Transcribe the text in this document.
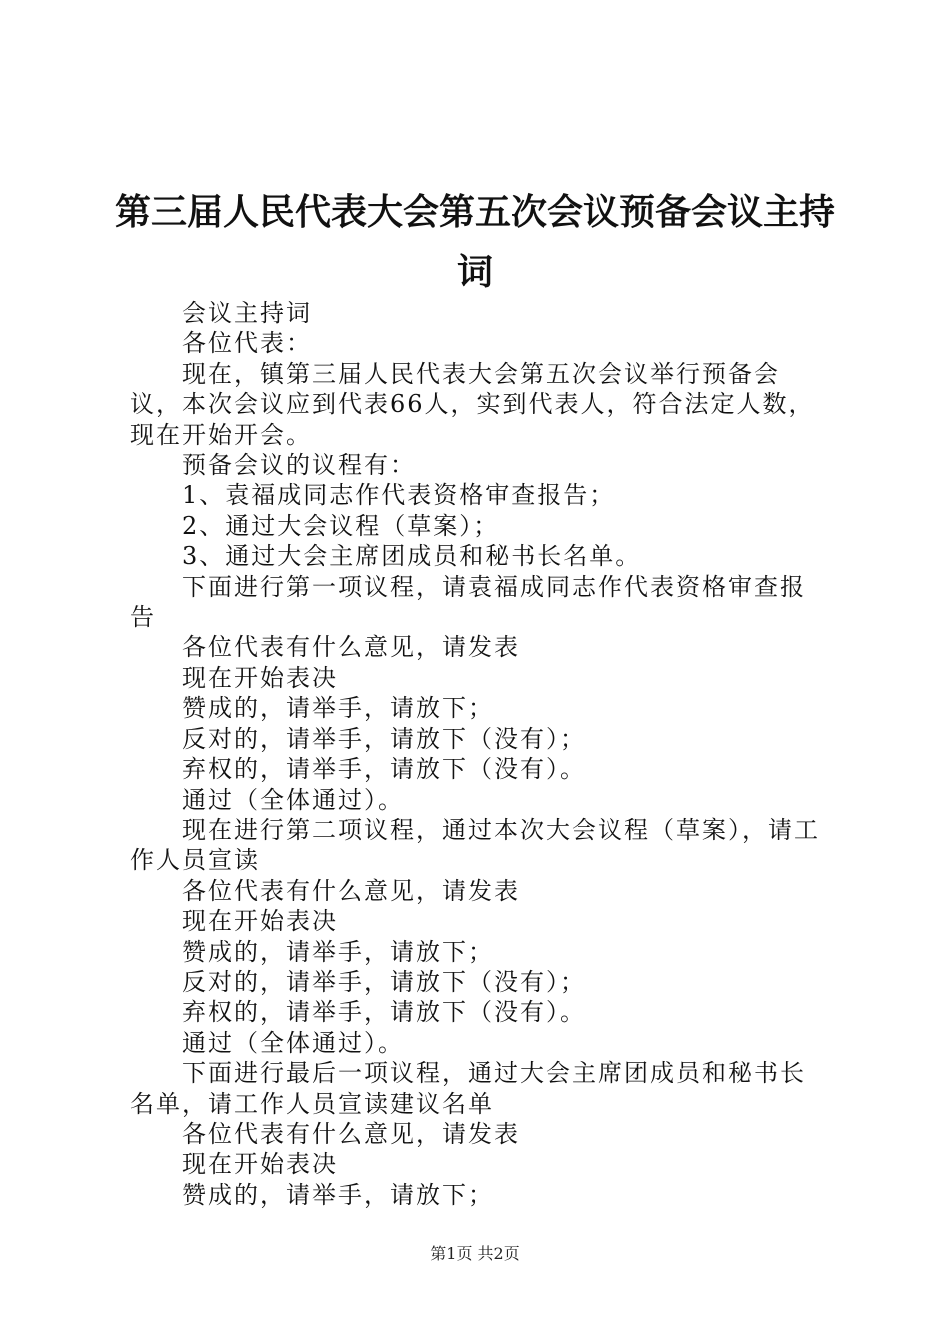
第三届人民代表大会第五次会议预备会议主持
词

会议主持词

各位代表：

现在，镇第三届人民代表大会第五次会议举行预备会议，本次会议应到代表66人，实到代表人，符合法定人数，现在开始开会。

预备会议的议程有：

1、袁福成同志作代表资格审查报告；

2、通过大会议程（草案）；

3、通过大会主席团成员和秘书长名单。

下面进行第一项议程，请袁福成同志作代表资格审查报告

各位代表有什么意见，请发表

现在开始表决

赞成的，请举手，请放下；

反对的，请举手，请放下（没有）；

弃权的，请举手，请放下（没有）。

通过（全体通过）。

现在进行第二项议程，通过本次大会议程（草案），请工作人员宣读

各位代表有什么意见，请发表

现在开始表决

赞成的，请举手，请放下；

反对的，请举手，请放下（没有）；

弃权的，请举手，请放下（没有）。

通过（全体通过）。

下面进行最后一项议程，通过大会主席团成员和秘书长名单，请工作人员宣读建议名单

各位代表有什么意见，请发表

现在开始表决

赞成的，请举手，请放下；

第1页 共2页
